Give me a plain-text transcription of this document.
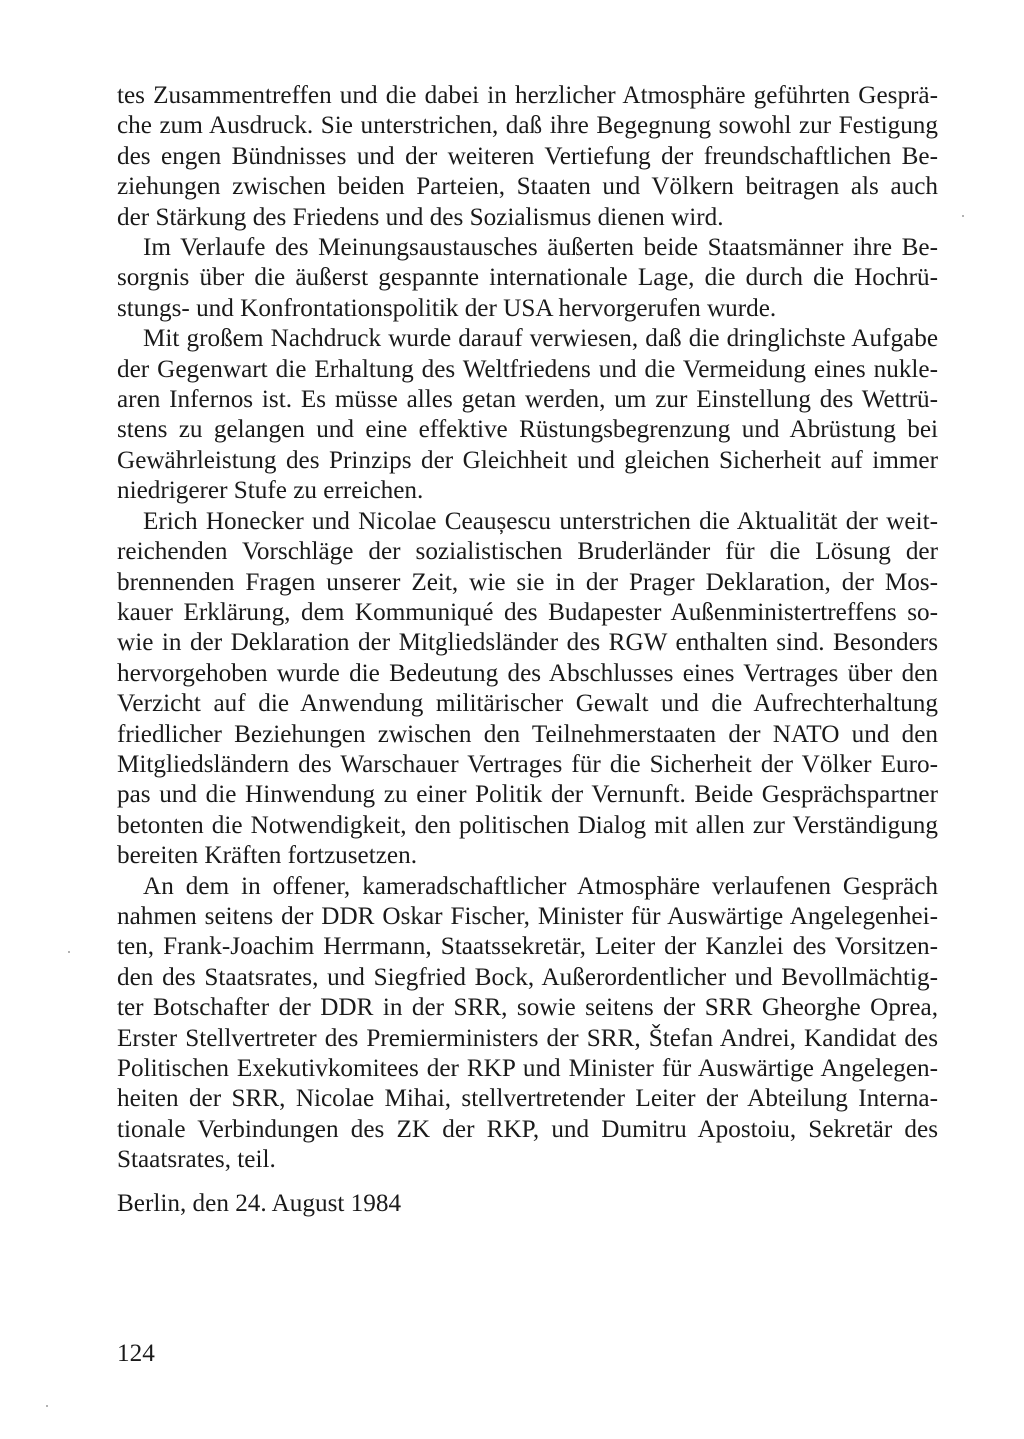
tes Zusammentreffen und die dabei in herzlicher Atmosphäre geführten Gesprä-
che zum Ausdruck. Sie unterstrichen, daß ihre Begegnung sowohl zur Festigung
des engen Bündnisses und der weiteren Vertiefung der freundschaftlichen Be-
ziehungen zwischen beiden Parteien, Staaten und Völkern beitragen als auch
der Stärkung des Friedens und des Sozialismus dienen wird.

Im Verlaufe des Meinungsaustausches äußerten beide Staatsmänner ihre Be-
sorgnis über die äußerst gespannte internationale Lage, die durch die Hochrü-
stungs- und Konfrontationspolitik der USA hervorgerufen wurde.

Mit großem Nachdruck wurde darauf verwiesen, daß die dringlichste Aufgabe
der Gegenwart die Erhaltung des Weltfriedens und die Vermeidung eines nukle-
aren Infernos ist. Es müsse alles getan werden, um zur Einstellung des Wettrü-
stens zu gelangen und eine effektive Rüstungsbegrenzung und Abrüstung bei
Gewährleistung des Prinzips der Gleichheit und gleichen Sicherheit auf immer
niedrigerer Stufe zu erreichen.

Erich Honecker und Nicolae Ceaușescu unterstrichen die Aktualität der weit-
reichenden Vorschläge der sozialistischen Bruderländer für die Lösung der
brennenden Fragen unserer Zeit, wie sie in der Prager Deklaration, der Mos-
kauer Erklärung, dem Kommuniqué des Budapester Außenministertreffens so-
wie in der Deklaration der Mitgliedsländer des RGW enthalten sind. Besonders
hervorgehoben wurde die Bedeutung des Abschlusses eines Vertrages über den
Verzicht auf die Anwendung militärischer Gewalt und die Aufrechterhaltung
friedlicher Beziehungen zwischen den Teilnehmerstaaten der NATO und den
Mitgliedsländern des Warschauer Vertrages für die Sicherheit der Völker Euro-
pas und die Hinwendung zu einer Politik der Vernunft. Beide Gesprächspartner
betonten die Notwendigkeit, den politischen Dialog mit allen zur Verständigung
bereiten Kräften fortzusetzen.

An dem in offener, kameradschaftlicher Atmosphäre verlaufenen Gespräch
nahmen seitens der DDR Oskar Fischer, Minister für Auswärtige Angelegenhei-
ten, Frank-Joachim Herrmann, Staatssekretär, Leiter der Kanzlei des Vorsitzen-
den des Staatsrates, und Siegfried Bock, Außerordentlicher und Bevollmächtig-
ter Botschafter der DDR in der SRR, sowie seitens der SRR Gheorghe Oprea,
Erster Stellvertreter des Premierministers der SRR, Štefan Andrei, Kandidat des
Politischen Exekutivkomitees der RKP und Minister für Auswärtige Angelegen-
heiten der SRR, Nicolae Mihai, stellvertretender Leiter der Abteilung Interna-
tionale Verbindungen des ZK der RKP, und Dumitru Apostoiu, Sekretär des
Staatsrates, teil.

Berlin, den 24. August 1984

124
